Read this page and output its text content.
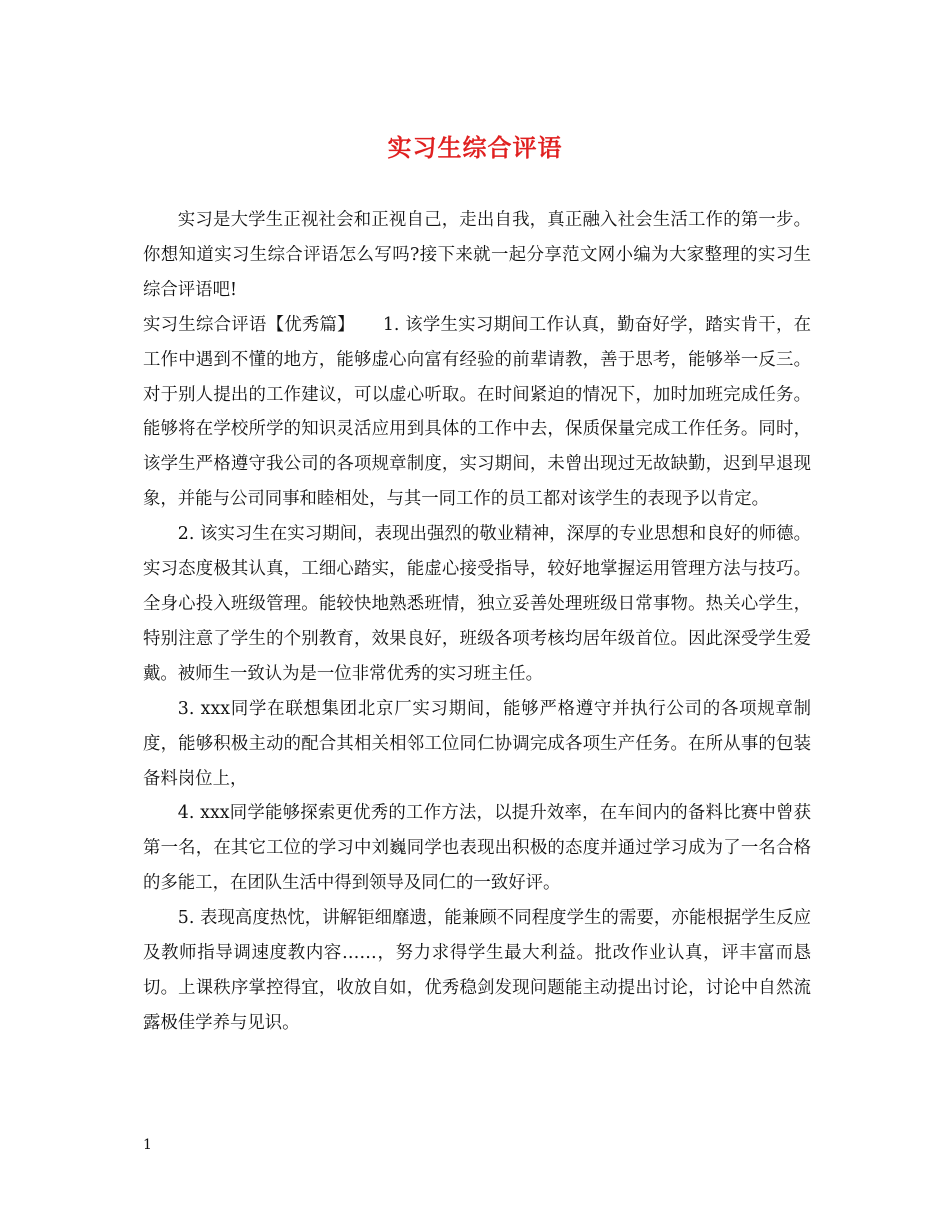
实习生综合评语

实习是大学生正视社会和正视自己，走出自我，真正融入社会生活工作的第一步。你想知道实习生综合评语怎么写吗?接下来就一起分享范文网小编为大家整理的实习生综合评语吧!

实习生综合评语【优秀篇】 1. 该学生实习期间工作认真，勤奋好学，踏实肯干，在工作中遇到不懂的地方，能够虚心向富有经验的前辈请教，善于思考，能够举一反三。对于别人提出的工作建议，可以虚心听取。在时间紧迫的情况下，加时加班完成任务。能够将在学校所学的知识灵活应用到具体的工作中去，保质保量完成工作任务。同时，该学生严格遵守我公司的各项规章制度，实习期间，未曾出现过无故缺勤，迟到早退现象，并能与公司同事和睦相处，与其一同工作的员工都对该学生的表现予以肯定。

2. 该实习生在实习期间，表现出强烈的敬业精神，深厚的专业思想和良好的师德。实习态度极其认真，工细心踏实，能虚心接受指导，较好地掌握运用管理方法与技巧。全身心投入班级管理。能较快地熟悉班情，独立妥善处理班级日常事物。热关心学生，特别注意了学生的个别教育，效果良好，班级各项考核均居年级首位。因此深受学生爱戴。被师生一致认为是一位非常优秀的实习班主任。

3. xxx同学在联想集团北京厂实习期间，能够严格遵守并执行公司的各项规章制度，能够积极主动的配合其相关相邻工位同仁协调完成各项生产任务。在所从事的包装备料岗位上，

4. xxx同学能够探索更优秀的工作方法，以提升效率，在车间内的备料比赛中曾获第一名，在其它工位的学习中刘巍同学也表现出积极的态度并通过学习成为了一名合格的多能工，在团队生活中得到领导及同仁的一致好评。

5. 表现高度热忱，讲解钜细靡遗，能兼顾不同程度学生的需要，亦能根据学生反应及教师指导调速度教内容……，努力求得学生最大利益。批改作业认真，评丰富而恳切。上课秩序掌控得宜，收放自如，优秀稳剑发现问题能主动提出讨论，讨论中自然流露极佳学养与见识。

1
